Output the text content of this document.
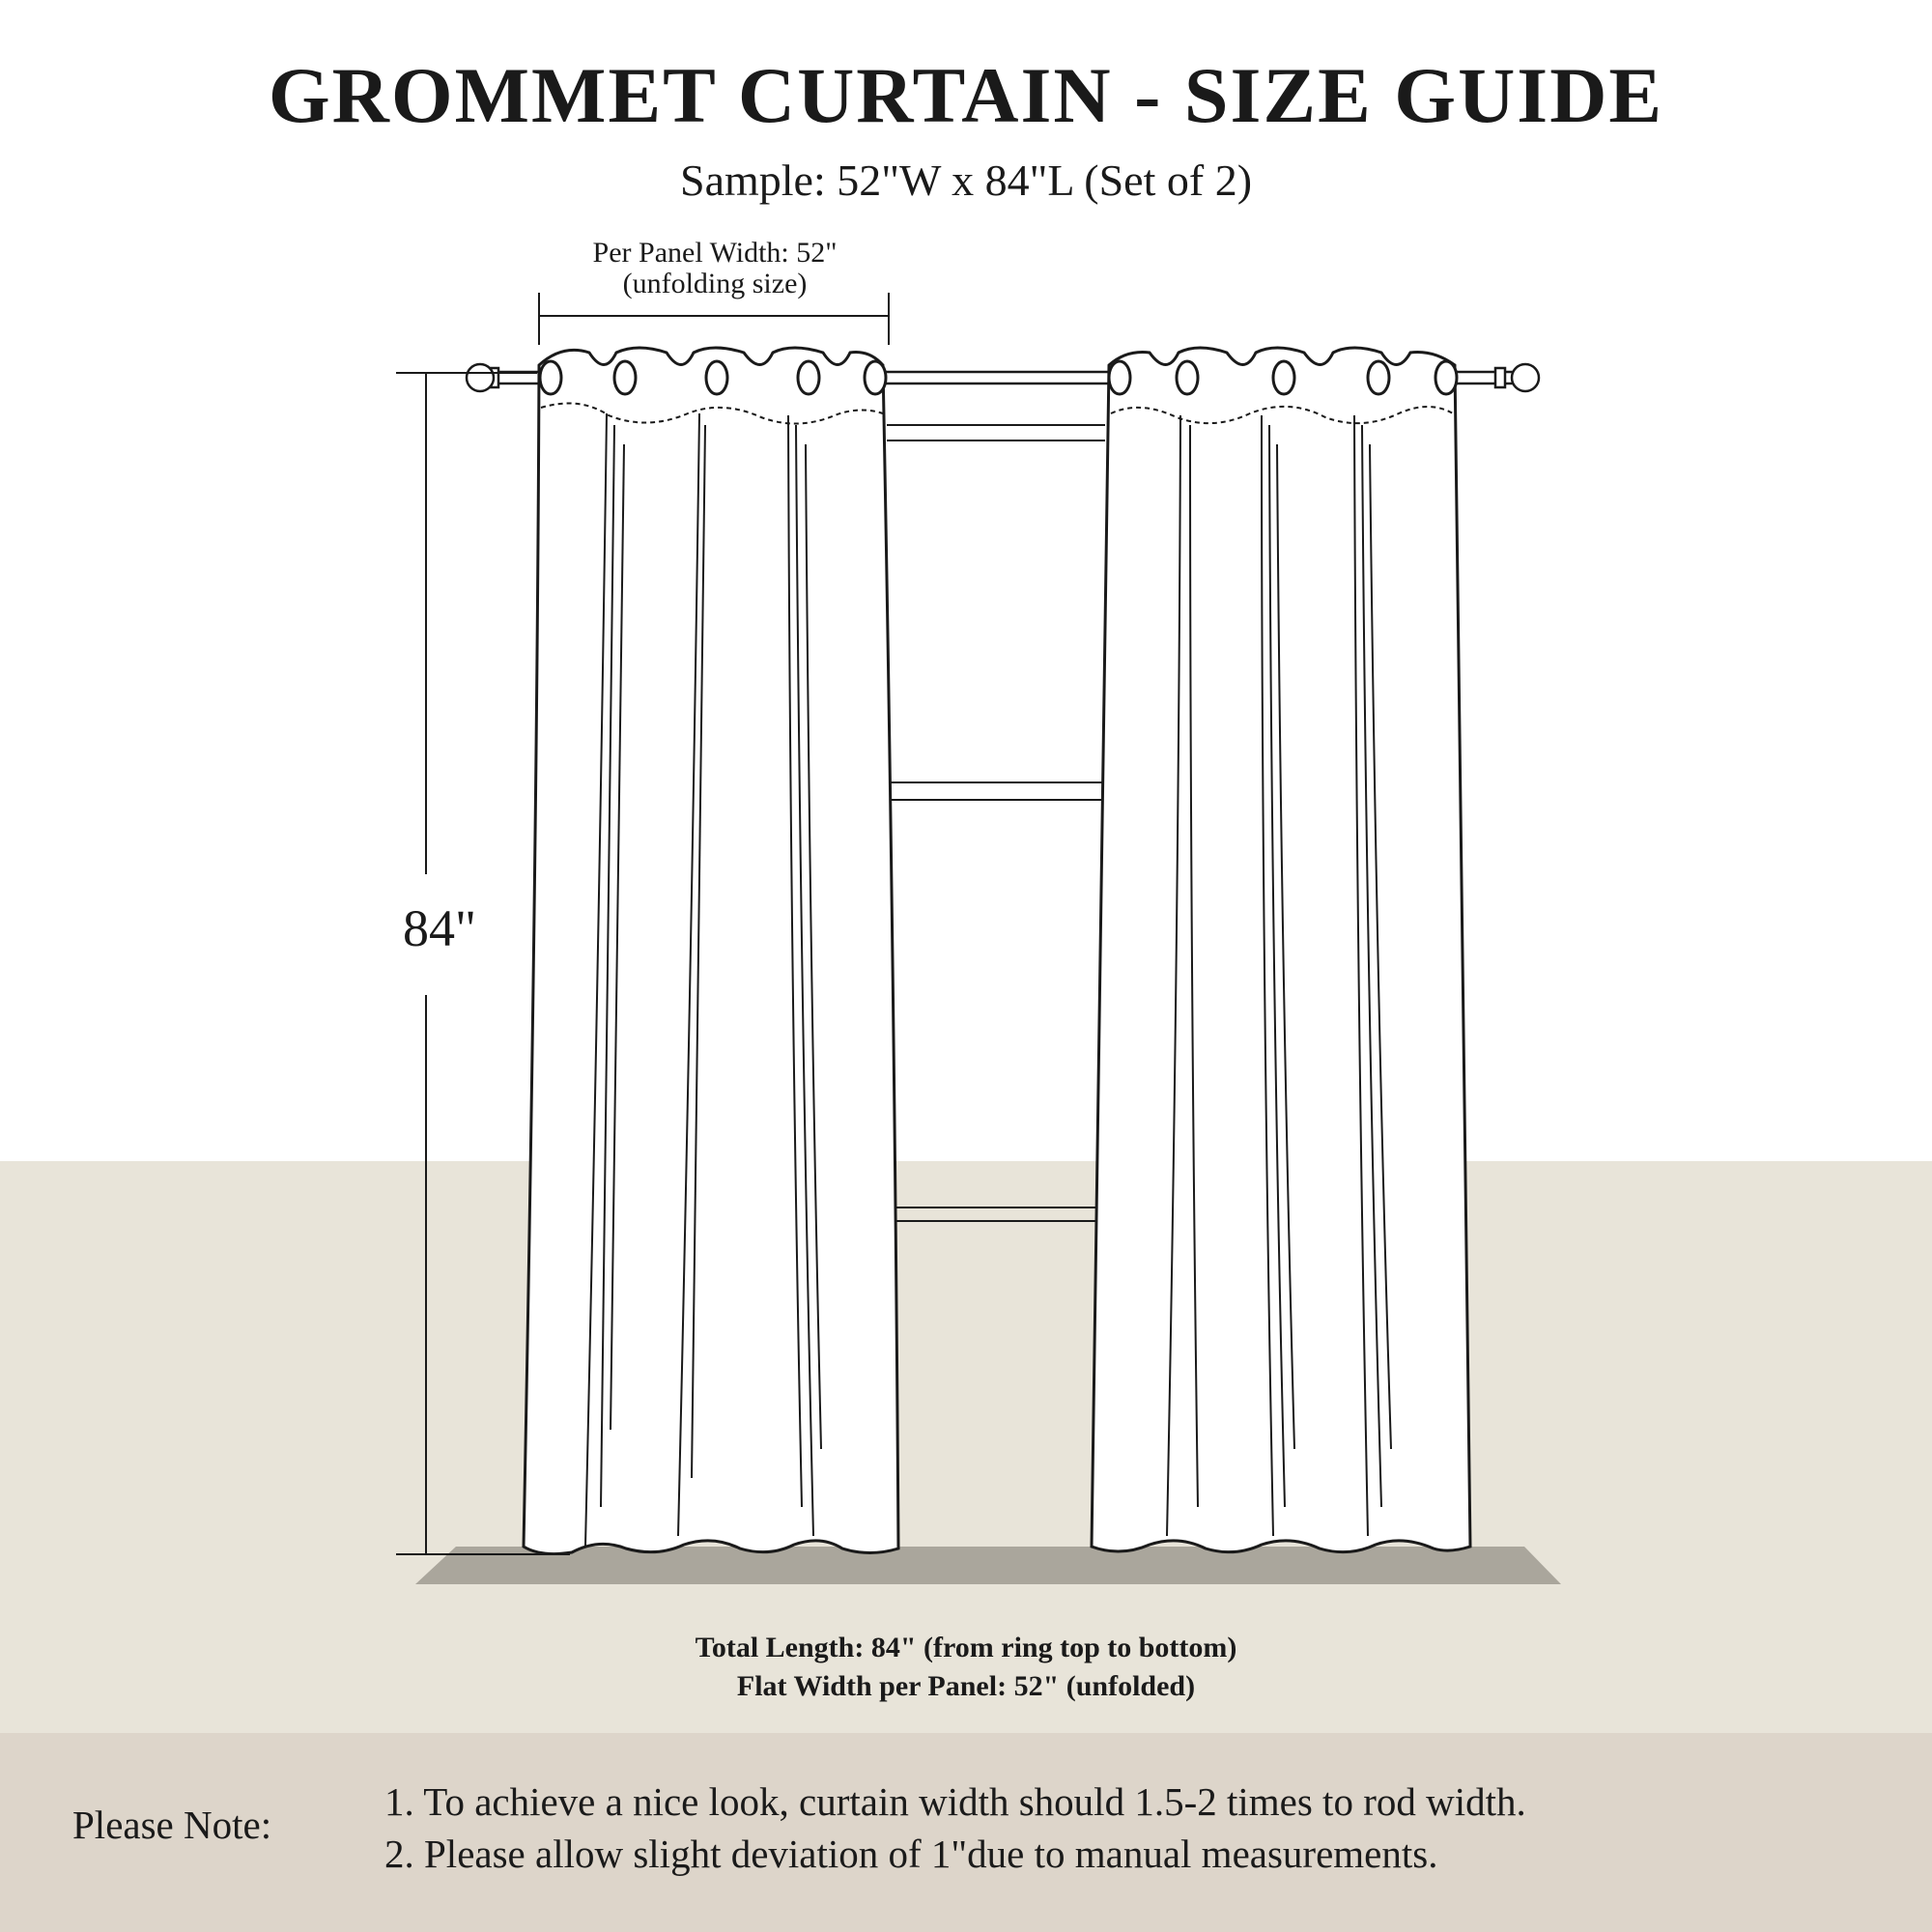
GROMMET CURTAIN - SIZE GUIDE

Sample: 52"W x 84"L (Set of 2)

Per Panel Width: 52"
(unfolding size)
84"
Total Length: 84" (from ring top to bottom)
Flat Width per Panel: 52" (unfolded)
Please Note:
1. To achieve a nice look, curtain width should 1.5-2 times to rod width.
2. Please allow slight deviation of 1"due to manual measurements.
